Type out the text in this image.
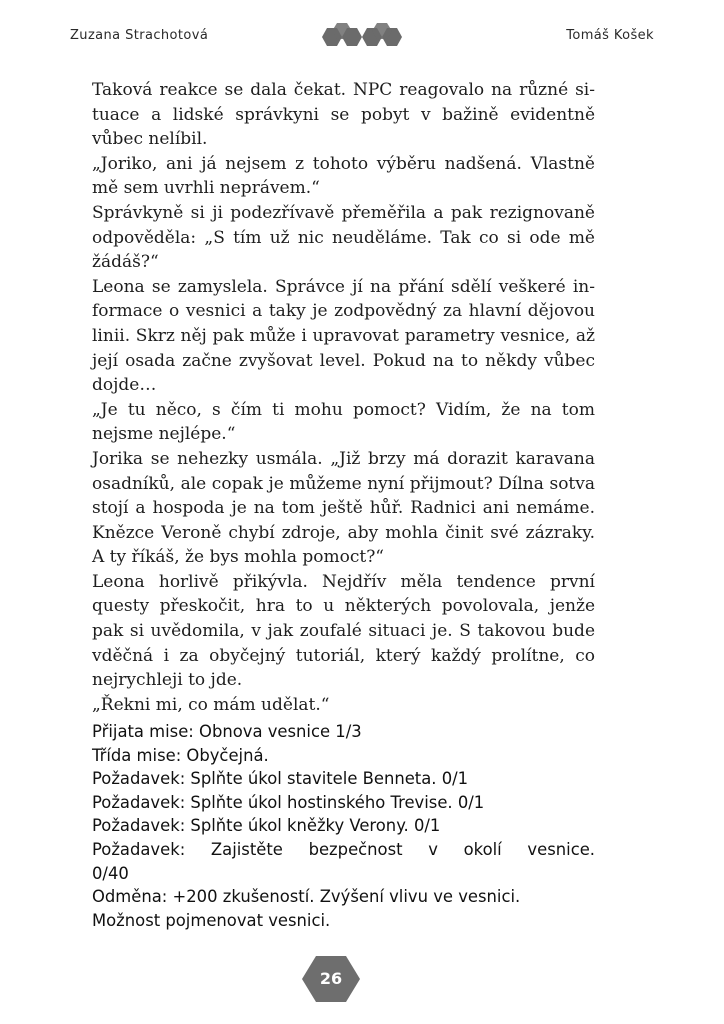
Zuzana Strachotová	Tomáš Košek

Taková reakce se dala čekat. NPC reagovalo na různé situace a lidské správkyni se pobyt v bažině evidentně vůbec nelíbil.

„Joriko, ani já nejsem z tohoto výběru nadšená. Vlastně mě sem uvrhli neprávem.“

Správkyně si ji podezřívavě přeměřila a pak rezignovaně odpověděla: „S tím už nic neuděláme. Tak co si ode mě žádáš?“

Leona se zamyslela. Správce jí na přání sdělí veškeré informace o vesnici a taky je zodpovědný za hlavní dějovou linii. Skrz něj pak může i upravovat parametry vesnice, až její osada začne zvyšovat level. Pokud na to někdy vůbec dojde…

„Je tu něco, s čím ti mohu pomoct? Vidím, že na tom nejsme nejlépe.“

Jorika se nehezky usmála. „Již brzy má dorazit karavana osadníků, ale copak je můžeme nyní přijmout? Dílna sotva stojí a hospoda je na tom ještě hůř. Radnici ani nemáme. Knězce Veroně chybí zdroje, aby mohla činit své zázraky. A ty říkáš, že bys mohla pomoct?“

Leona horlivě přikývla. Nejdřív měla tendence první questy přeskočit, hra to u některých povolovala, jenže pak si uvědomila, v jak zoufalé situaci je. S takovou bude vděčná i za obyčejný tutoriál, který každý prolítne, co nejrychleji to jde.

„Řekni mi, co mám udělat.“

Přijata mise: Obnova vesnice 1/3
Třída mise: Obyčejná.
Požadavek: Splňte úkol stavitele Benneta. 0/1
Požadavek: Splňte úkol hostinského Trevise. 0/1
Požadavek: Splňte úkol kněžky Verony. 0/1
Požadavek: Zajistěte bezpečnost v okolí vesnice.
0/40
Odměna: +200 zkušeností. Zvýšení vlivu ve vesnici.
Možnost pojmenovat vesnici.
26
